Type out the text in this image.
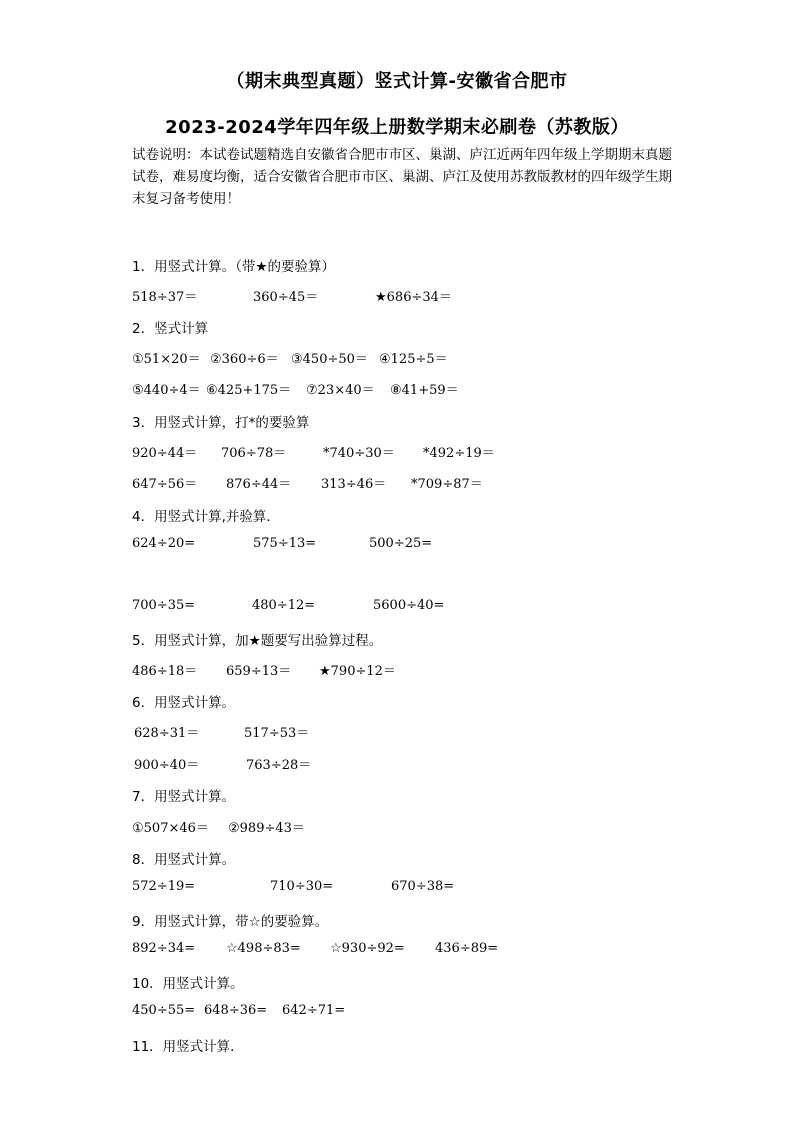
（期末典型真题）竖式计算-安徽省合肥市
2023-2024学年四年级上册数学期末必刷卷（苏教版）
试卷说明：本试卷试题精选自安徽省合肥市市区、巢湖、庐江近两年四年级上学期期末真题试卷，难易度均衡，适合安徽省合肥市市区、巢湖、庐江及使用苏教版教材的四年级学生期末复习备考使用！
1．用竖式计算。（带★的要验算）
518÷37＝	360÷45＝	★686÷34＝
2．竖式计算
①51×20＝ ②360÷6＝ ③450÷50＝ ④125÷5＝
⑤440÷4＝ ⑥425+175＝ ⑦23×40＝ ⑧41+59＝
3．用竖式计算，打*的要验算
920÷44＝ 706÷78＝	*740÷30＝ *492÷19＝
647÷56＝ 876÷44＝ 313÷46＝ *709÷87＝
4．用竖式计算,并验算．
624÷20=	575÷13=	500÷25=
700÷35=	480÷12=	5600÷40=
5．用竖式计算，加★题要写出验算过程。
486÷18＝ 659÷13＝ ★790÷12＝
6．用竖式计算。
628÷31＝	517÷53＝
900÷40＝	763÷28＝
7．用竖式计算。
①507×46＝ ②989÷43＝
8．用竖式计算。
572÷19=	710÷30=	670÷38=
9．用竖式计算，带☆的要验算。
892÷34= ☆498÷83= ☆930÷92= 436÷89=
10．用竖式计算。
450÷55= 648÷36= 642÷71=
11．用竖式计算．
